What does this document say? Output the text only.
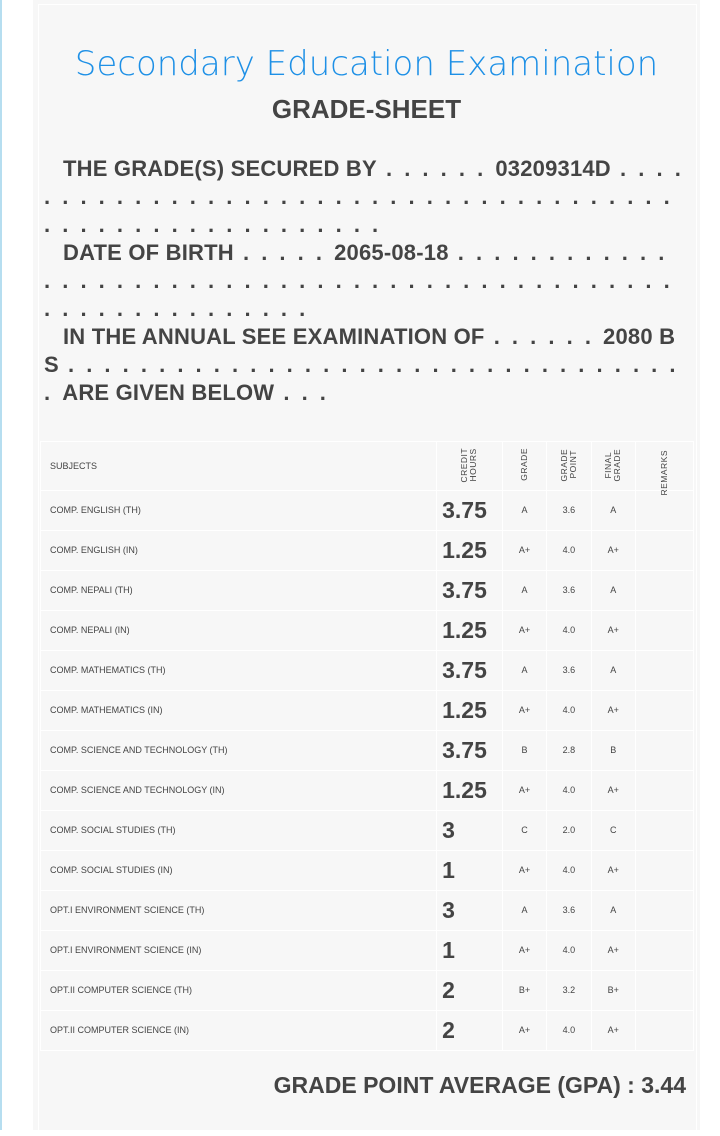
Secondary Education Examination
GRADE-SHEET
THE GRADE(S) SECURED BY . . . . . . 03209314D . . . . . . . . . . . . . . . . . . . . . . . . . . . . . . . . . . . . . . . . . . . . . . . . . . . . . . . . . .
DATE OF BIRTH . . . . . 2065-08-18 . . . . . . . . . . . . . . . . . . . . . . . . . . . . . . . . . . . . . . . . . . . . . . . . . . . . . . . . . . . . . .
IN THE ANNUAL SEE EXAMINATION OF . . . . . . 2080 BS . . . . . . . . . . . . . . . . . . . . . . . . . . . . . . . . . . . ARE GIVEN BELOW . . .
SUBJECTS	CREDIT HOURS	GRADE	GRADE POINT	FINAL GRADE	REMARKS
COMP. ENGLISH (TH)	3.75	A	3.6	A	
COMP. ENGLISH (IN)	1.25	A+	4.0	A+	
COMP. NEPALI (TH)	3.75	A	3.6	A	
COMP. NEPALI (IN)	1.25	A+	4.0	A+	
COMP. MATHEMATICS (TH)	3.75	A	3.6	A	
COMP. MATHEMATICS (IN)	1.25	A+	4.0	A+	
COMP. SCIENCE AND TECHNOLOGY (TH)	3.75	B	2.8	B	
COMP. SCIENCE AND TECHNOLOGY (IN)	1.25	A+	4.0	A+	
COMP. SOCIAL STUDIES (TH)	3	C	2.0	C	
COMP. SOCIAL STUDIES (IN)	1	A+	4.0	A+	
OPT.I ENVIRONMENT SCIENCE (TH)	3	A	3.6	A	
OPT.I ENVIRONMENT SCIENCE (IN)	1	A+	4.0	A+	
OPT.II COMPUTER SCIENCE (TH)	2	B+	3.2	B+	
OPT.II COMPUTER SCIENCE (IN)	2	A+	4.0	A+	
GRADE POINT AVERAGE (GPA) : 3.44
